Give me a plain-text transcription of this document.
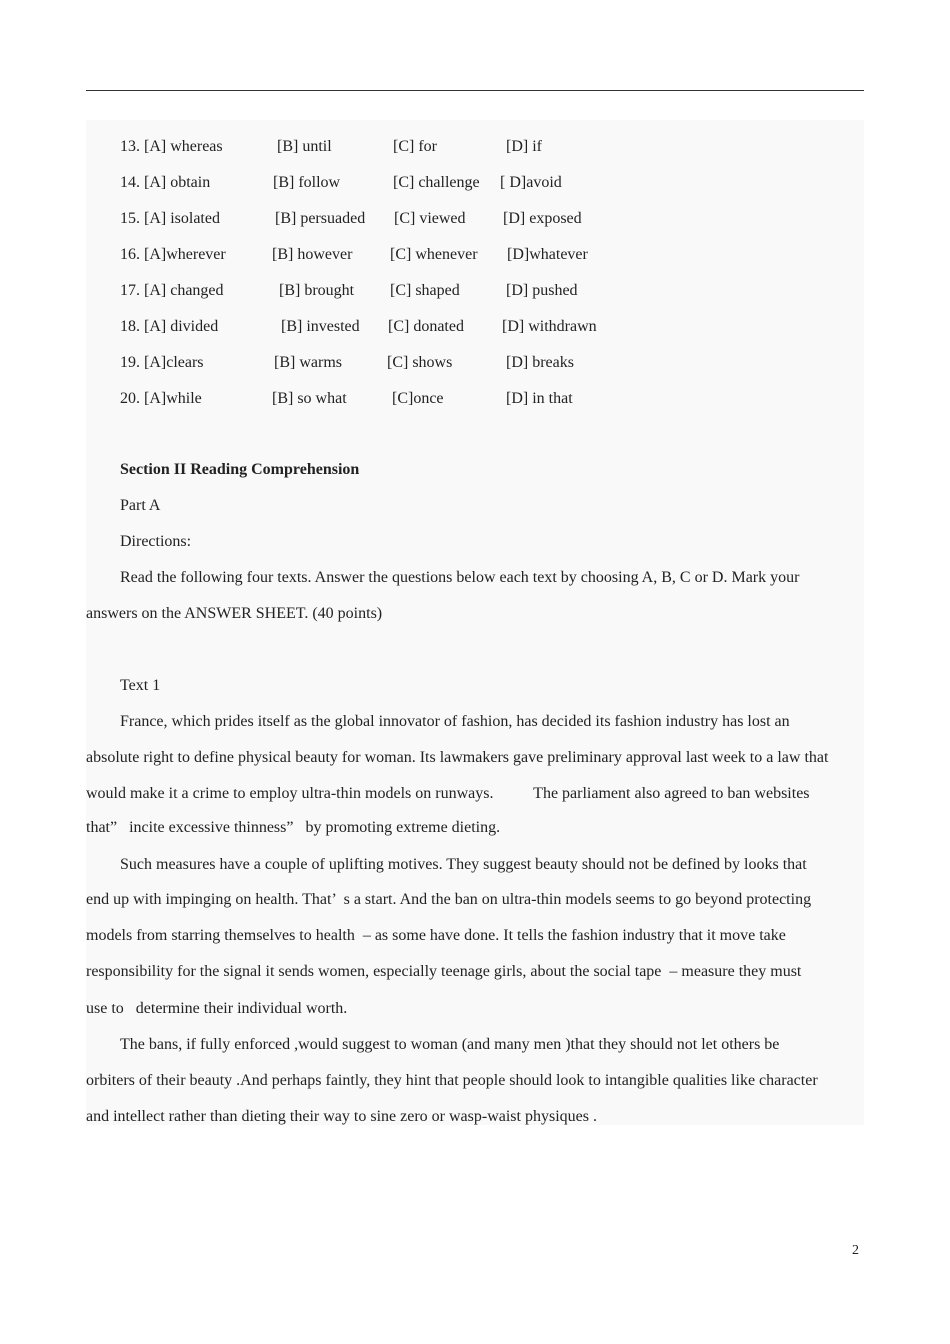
13. [A] whereas	[B] until	[C] for	[D] if
14. [A] obtain	[B] follow	[C] challenge [ D]avoid
15. [A] isolated	[B] persuaded [C] viewed [D] exposed
16. [A]wherever	[B] however [C] whenever [D]whatever
17. [A] changed	[B] brought [C] shaped	[D] pushed
18. [A] divided	[B] invested [C] donated [D] withdrawn
19. [A]clears	[B] warms	[C] shows	[D] breaks
20. [A]while	[B] so what	[C]once	[D] in that
Section II Reading Comprehension
Part A
Directions:
Read the following four texts. Answer the questions below each text by choosing A, B, C or D. Mark your
answers on the ANSWER SHEET. (40 points)
Text 1
France, which prides itself as the global innovator of fashion, has decided its fashion industry has lost an
absolute right to define physical beauty for woman. Its lawmakers gave preliminary approval last week to a law that
would make it a crime to employ ultra-thin models on runways.          The parliament also agreed to ban websites
that”   incite excessive thinness”   by promoting extreme dieting.
Such measures have a couple of uplifting motives. They suggest beauty should not be defined by looks that
end up with impinging on health. That’  s a start. And the ban on ultra-thin models seems to go beyond protecting
models from starring themselves to health  – as some have done. It tells the fashion industry that it move take
responsibility for the signal it sends women, especially teenage girls, about the social tape  – measure they must
use to   determine their individual worth.
The bans, if fully enforced ,would suggest to woman (and many men )that they should not let others be
orbiters of their beauty .And perhaps faintly, they hint that people should look to intangible qualities like character
and intellect rather than dieting their way to sine zero or wasp-waist physiques .
2
